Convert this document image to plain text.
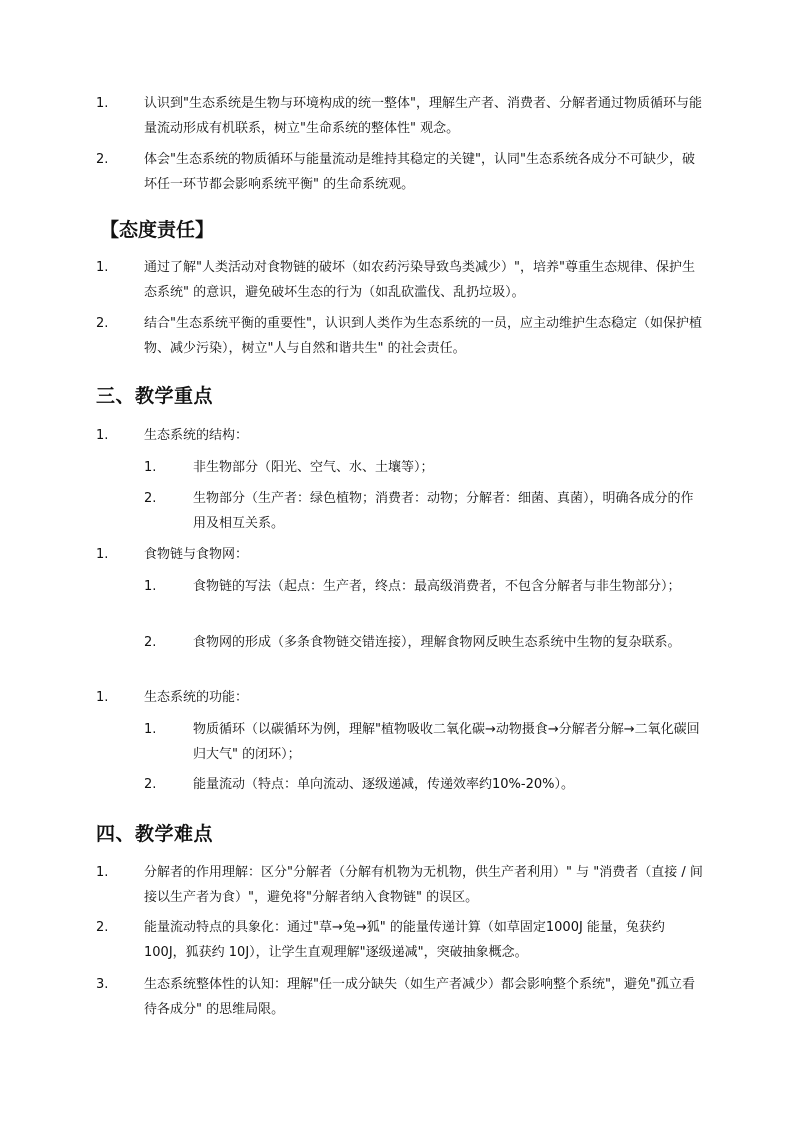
1.	认识到"生态系统是生物与环境构成的统一整体"，理解生产者、消费者、分解者通过物质循环与能量流动形成有机联系，树立"生命系统的整体性" 观念。
2.	体会"生态系统的物质循环与能量流动是维持其稳定的关键"，认同"生态系统各成分不可缺少，破坏任一环节都会影响系统平衡" 的生命系统观。
【态度责任】
1.	通过了解"人类活动对食物链的破坏（如农药污染导致鸟类减少）"，培养"尊重生态规律、保护生态系统" 的意识，避免破坏生态的行为（如乱砍滥伐、乱扔垃圾）。
2.	结合"生态系统平衡的重要性"，认识到人类作为生态系统的一员，应主动维护生态稳定（如保护植物、减少污染），树立"人与自然和谐共生" 的社会责任。
三、教学重点
1.	生态系统的结构：
1.	非生物部分（阳光、空气、水、土壤等）；
2.	生物部分（生产者：绿色植物；消费者：动物；分解者：细菌、真菌），明确各成分的作用及相互关系。
1.	食物链与食物网：
1.	食物链的写法（起点：生产者，终点：最高级消费者，不包含分解者与非生物部分）；
2.	食物网的形成（多条食物链交错连接），理解食物网反映生态系统中生物的复杂联系。
1.	生态系统的功能：
1.	物质循环（以碳循环为例，理解"植物吸收二氧化碳→动物摄食→分解者分解→二氧化碳回归大气" 的闭环）；
2.	能量流动（特点：单向流动、逐级递减，传递效率约10%-20%）。
四、教学难点
1.	分解者的作用理解：区分"分解者（分解有机物为无机物，供生产者利用）" 与 "消费者（直接 / 间接以生产者为食）"，避免将"分解者纳入食物链" 的误区。
2.	能量流动特点的具象化：通过"草→兔→狐" 的能量传递计算（如草固定1000J 能量，兔获约 100J，狐获约 10J），让学生直观理解"逐级递减"，突破抽象概念。
3.	生态系统整体性的认知：理解"任一成分缺失（如生产者减少）都会影响整个系统"，避免"孤立看待各成分" 的思维局限。
